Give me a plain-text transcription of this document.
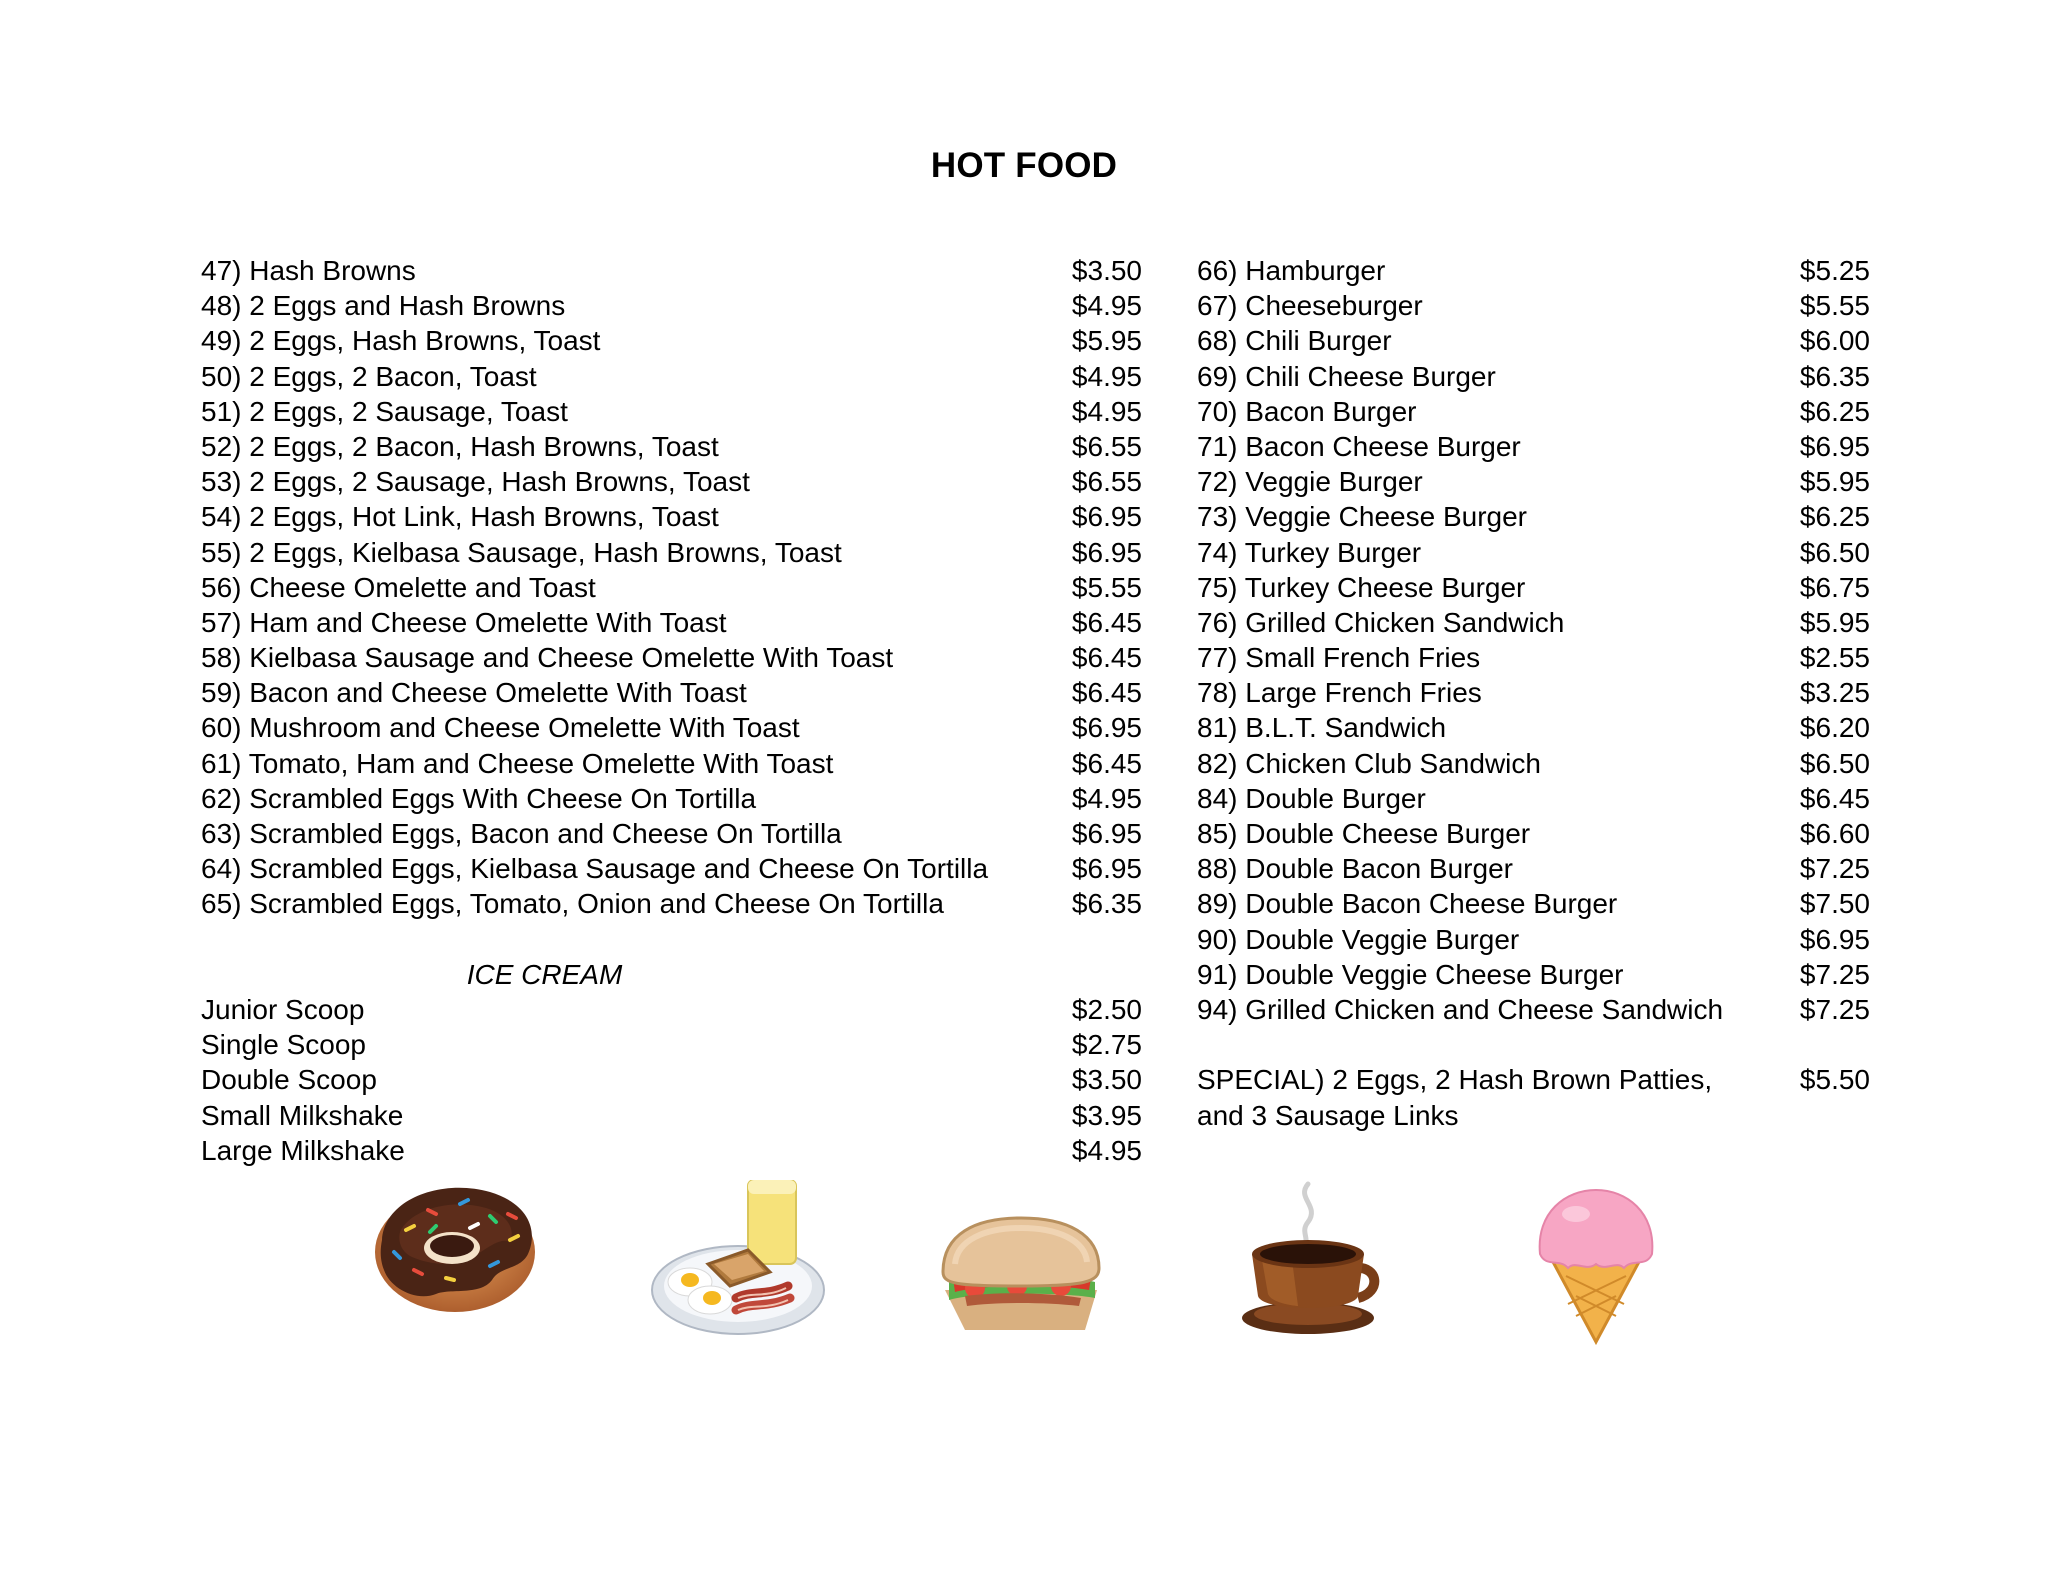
HOT FOOD
47) Hash Browns	$3.50
48) 2 Eggs and Hash Browns	$4.95
49) 2 Eggs, Hash Browns, Toast	$5.95
50) 2 Eggs, 2 Bacon, Toast	$4.95
51) 2 Eggs, 2 Sausage, Toast	$4.95
52) 2 Eggs, 2 Bacon, Hash Browns, Toast	$6.55
53) 2 Eggs, 2 Sausage, Hash Browns, Toast	$6.55
54) 2 Eggs, Hot Link, Hash Browns, Toast	$6.95
55) 2 Eggs, Kielbasa Sausage, Hash Browns, Toast	$6.95
56) Cheese Omelette and Toast	$5.55
57) Ham and Cheese Omelette With Toast	$6.45
58) Kielbasa Sausage and Cheese Omelette With Toast	$6.45
59) Bacon and Cheese Omelette With Toast	$6.45
60) Mushroom and Cheese Omelette With Toast	$6.95
61) Tomato, Ham and Cheese Omelette With Toast	$6.45
62) Scrambled Eggs With Cheese On Tortilla	$4.95
63) Scrambled Eggs, Bacon and Cheese On Tortilla	$6.95
64) Scrambled Eggs, Kielbasa Sausage and Cheese On Tortilla	$6.95
65) Scrambled Eggs, Tomato, Onion and Cheese On Tortilla	$6.35
ICE CREAM
Junior Scoop	$2.50
Single Scoop	$2.75
Double Scoop	$3.50
Small Milkshake	$3.95
Large Milkshake	$4.95
66) Hamburger	$5.25
67) Cheeseburger	$5.55
68) Chili Burger	$6.00
69) Chili Cheese Burger	$6.35
70) Bacon Burger	$6.25
71) Bacon Cheese Burger	$6.95
72) Veggie Burger	$5.95
73) Veggie Cheese Burger	$6.25
74) Turkey Burger	$6.50
75) Turkey Cheese Burger	$6.75
76) Grilled Chicken Sandwich	$5.95
77) Small French Fries	$2.55
78) Large French Fries	$3.25
81) B.L.T. Sandwich	$6.20
82) Chicken Club Sandwich	$6.50
84) Double Burger	$6.45
85) Double Cheese Burger	$6.60
88) Double Bacon Burger	$7.25
89) Double Bacon Cheese Burger	$7.50
90) Double Veggie Burger	$6.95
91) Double Veggie Cheese Burger	$7.25
94) Grilled Chicken and Cheese Sandwich	$7.25
SPECIAL) 2 Eggs, 2 Hash Brown Patties, and 3 Sausage Links
$5.50
